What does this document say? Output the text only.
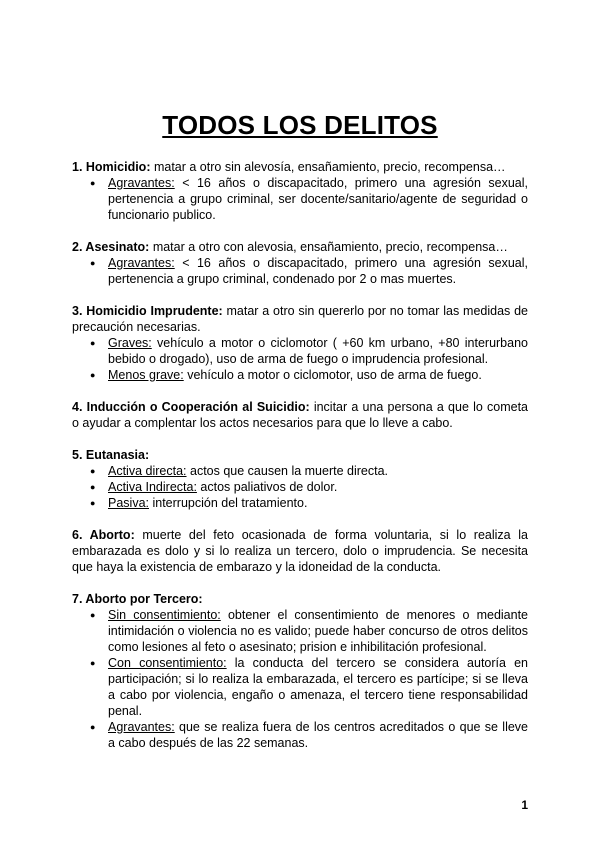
TODOS LOS DELITOS

1. Homicidio: matar a otro sin alevosía, ensañamiento, precio, recompensa…

● Agravantes: < 16 años o discapacitado, primero una agresión sexual, pertenencia a grupo criminal, ser docente/sanitario/agente de seguridad o funcionario publico.

2. Asesinato: matar a otro con alevosia, ensañamiento, precio, recompensa…

● Agravantes: < 16 años o discapacitado, primero una agresión sexual, pertenencia a grupo criminal, condenado por 2 o mas muertes.

3. Homicidio Imprudente: matar a otro sin quererlo por no tomar las medidas de precaución necesarias.

● Graves: vehículo a motor o ciclomotor ( +60 km urbano, +80 interurbano bebido o drogado), uso de arma de fuego o imprudencia profesional.
● Menos grave: vehículo a motor o ciclomotor, uso de arma de fuego.

4. Inducción o Cooperación al Suicidio: incitar a una persona a que lo cometa o ayudar a complentar los actos necesarios para que lo lleve a cabo.

5. Eutanasia:

● Activa directa: actos que causen la muerte directa.
● Activa Indirecta: actos paliativos de dolor.
● Pasiva: interrupción del tratamiento.

6. Aborto: muerte del feto ocasionada de forma voluntaria, si lo realiza la embarazada es dolo y si lo realiza un tercero, dolo o imprudencia. Se necesita que haya la existencia de embarazo y la idoneidad de la conducta.

7. Aborto por Tercero:

● Sin consentimiento: obtener el consentimiento de menores o mediante intimidación o violencia no es valido; puede haber concurso de otros delitos como lesiones al feto o asesinato; prision e inhibilitación profesional.
● Con consentimiento: la conducta del tercero se considera autoría en participación; si lo realiza la embarazada, el tercero es partícipe; si se lleva a cabo por violencia, engaño o amenaza, el tercero tiene responsabilidad penal.
● Agravantes: que se realiza fuera de los centros acreditados o que se lleve a cabo después de las 22 semanas.
1
